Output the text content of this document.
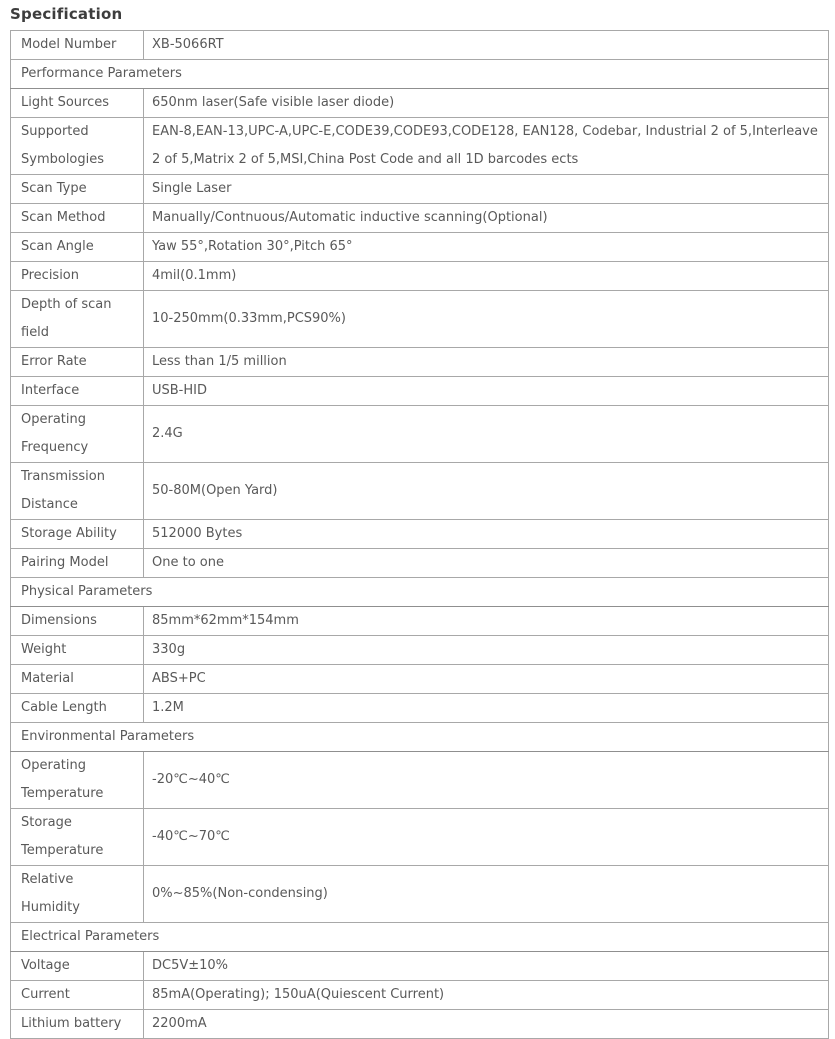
Specification
Model Number	XB-5066RT
Performance Parameters	
Light Sources	650nm laser(Safe visible laser diode)
Supported Symbologies	EAN-8,EAN-13,UPC-A,UPC-E,CODE39,CODE93,CODE128, EAN128, Codebar, Industrial 2 of 5,Interleave 2 of 5,Matrix 2 of 5,MSI,China Post Code and all 1D barcodes ects
Scan Type	Single Laser
Scan Method	Manually/Contnuous/Automatic inductive scanning(Optional)
Scan Angle	Yaw 55°,Rotation 30°,Pitch 65°
Precision	4mil(0.1mm)
Depth of scan field	10-250mm(0.33mm,PCS90%)
Error Rate	Less than 1/5 million
Interface	USB-HID
Operating Frequency	2.4G
Transmission Distance	50-80M(Open Yard)
Storage Ability	512000 Bytes
Pairing Model	One to one
Physical Parameters	
Dimensions	85mm*62mm*154mm
Weight	330g
Material	ABS+PC
Cable Length	1.2M
Environmental Parameters	
Operating Temperature	-20℃~40℃
Storage Temperature	-40℃~70℃
Relative Humidity	0%~85%(Non-condensing)
Electrical Parameters	
Voltage	DC5V±10%
Current	85mA(Operating); 150uA(Quiescent Current)
Lithium battery	2200mA
